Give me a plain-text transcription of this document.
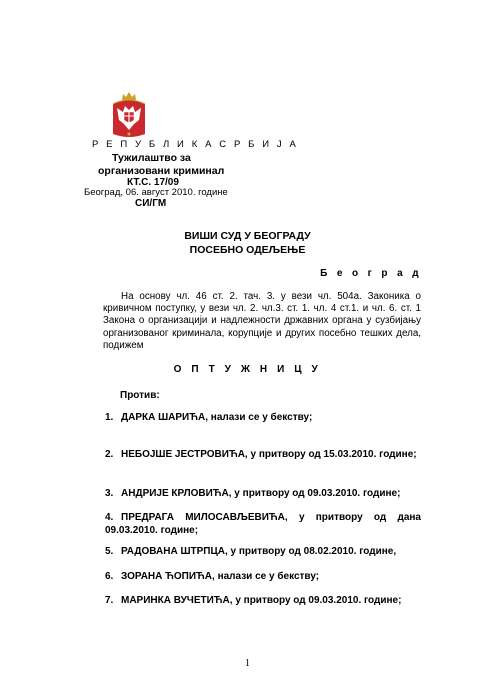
Р Е П У Б Л И К А С Р Б И Ј А
Тужилаштво за
организовани криминал
КТ.С. 17/09
Београд, 06. август 2010. године
СИ/ГМ
ВИШИ СУД У БЕОГРАДУ
ПОСЕБНО ОДЕЉЕЊЕ
Б е о г р а д

На основу чл. 46 ст. 2. тач. 3. у вези чл. 504а. Законика о кривичном поступку, у вези чл. 2. чл.3. ст. 1. чл. 4 ст.1. и чл. 6. ст. 1 Закона о организацији и надлежности државних органа у сузбијању организованог криминала, корупције и других посебно тешких дела, подижем

О П Т У Ж Н И Ц У
Против:

1. ДАРКА ШАРИЋА, налази се у бекству;

2. НЕБОЈШЕ ЈЕСТРОВИЋА, у притвору од 15.03.2010. године;

3. АНДРИЈЕ КРЛОВИЋА, у притвору од 09.03.2010. године;

4. ПРЕДРАГА МИЛОСАВЉЕВИЋА, у притвору од дана 09.03.2010. године;

5. РАДОВАНА ШТРПЦА, у притвору од 08.02.2010. године,

6. ЗОРАНА ЋОПИЋА, налази се у бекству;

7. МАРИНКА ВУЧЕТИЋА, у притвору од 09.03.2010. године;

1
